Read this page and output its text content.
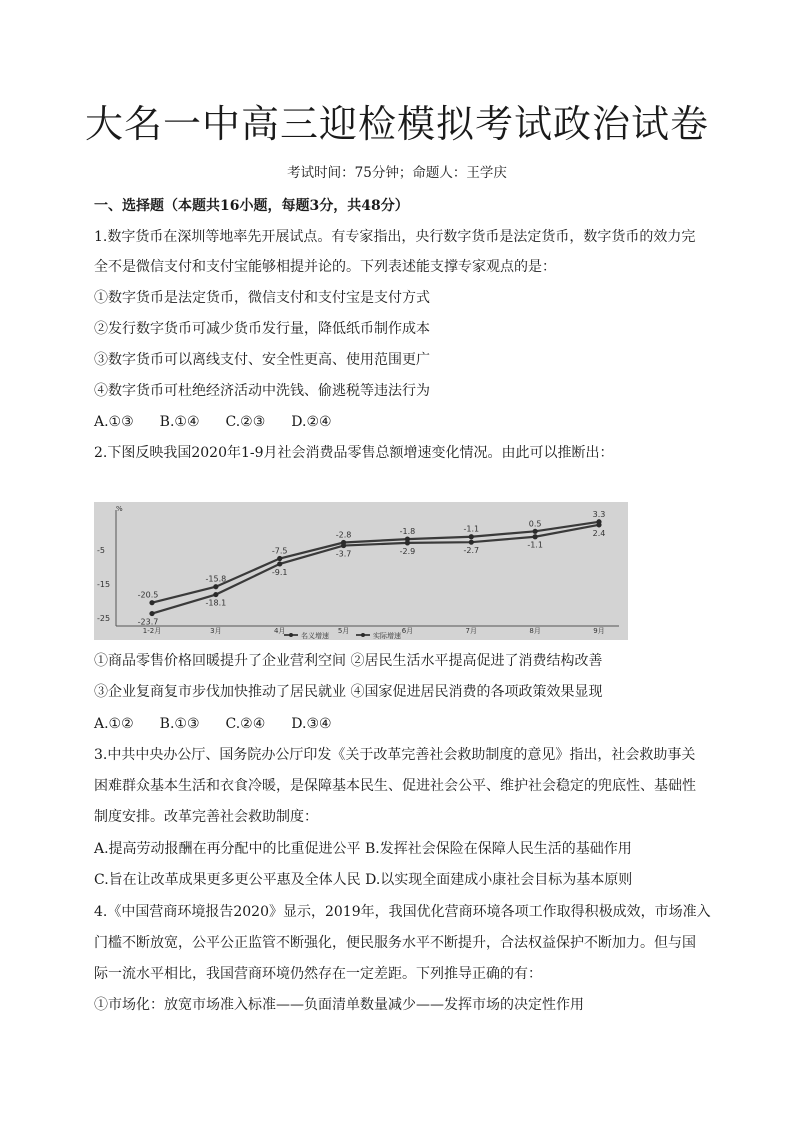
大名一中高三迎检模拟考试政治试卷
考试时间：75分钟；命题人：王学庆
一、选择题（本题共16小题，每题3分，共48分）
1.数字货币在深圳等地率先开展试点。有专家指出，央行数字货币是法定货币，数字货币的效力完
全不是微信支付和支付宝能够相提并论的。下列表述能支撑专家观点的是：
①数字货币是法定货币，微信支付和支付宝是支付方式
②发行数字货币可减少货币发行量，降低纸币制作成本
③数字货币可以离线支付、安全性更高、使用范围更广
④数字货币可杜绝经济活动中洗钱、偷逃税等违法行为
A.①③ B.①④ C.②③ D.②④
2.下图反映我国2020年1-9月社会消费品零售总额增速变化情况。由此可以推断出：
%
-5
-15
-25
1-2月	3月	4月	5月	6月	7月	8月	9月
-20.5
-15.8
-7.5
-2.8	-1.8	-1.1
0.5
3.3
-23.7
-18.1
-9.1
-3.7	-2.9	-2.7
-1.1
2.4
名义增速	实际增速
①商品零售价格回暖提升了企业营利空间 ②居民生活水平提高促进了消费结构改善
③企业复商复市步伐加快推动了居民就业 ④国家促进居民消费的各项政策效果显现
A.①② B.①③ C.②④ D.③④
3.中共中央办公厅、国务院办公厅印发《关于改革完善社会救助制度的意见》指出，社会救助事关
困难群众基本生活和衣食冷暖，是保障基本民生、促进社会公平、维护社会稳定的兜底性、基础性
制度安排。改革完善社会救助制度：
A.提高劳动报酬在再分配中的比重促进公平 B.发挥社会保险在保障人民生活的基础作用
C.旨在让改革成果更多更公平惠及全体人民 D.以实现全面建成小康社会目标为基本原则
4.《中国营商环境报告2020》显示，2019年，我国优化营商环境各项工作取得积极成效，市场准入
门槛不断放宽，公平公正监管不断强化，便民服务水平不断提升，合法权益保护不断加力。但与国
际一流水平相比，我国营商环境仍然存在一定差距。下列推导正确的有：
①市场化：放宽市场准入标准——负面清单数量减少——发挥市场的决定性作用
